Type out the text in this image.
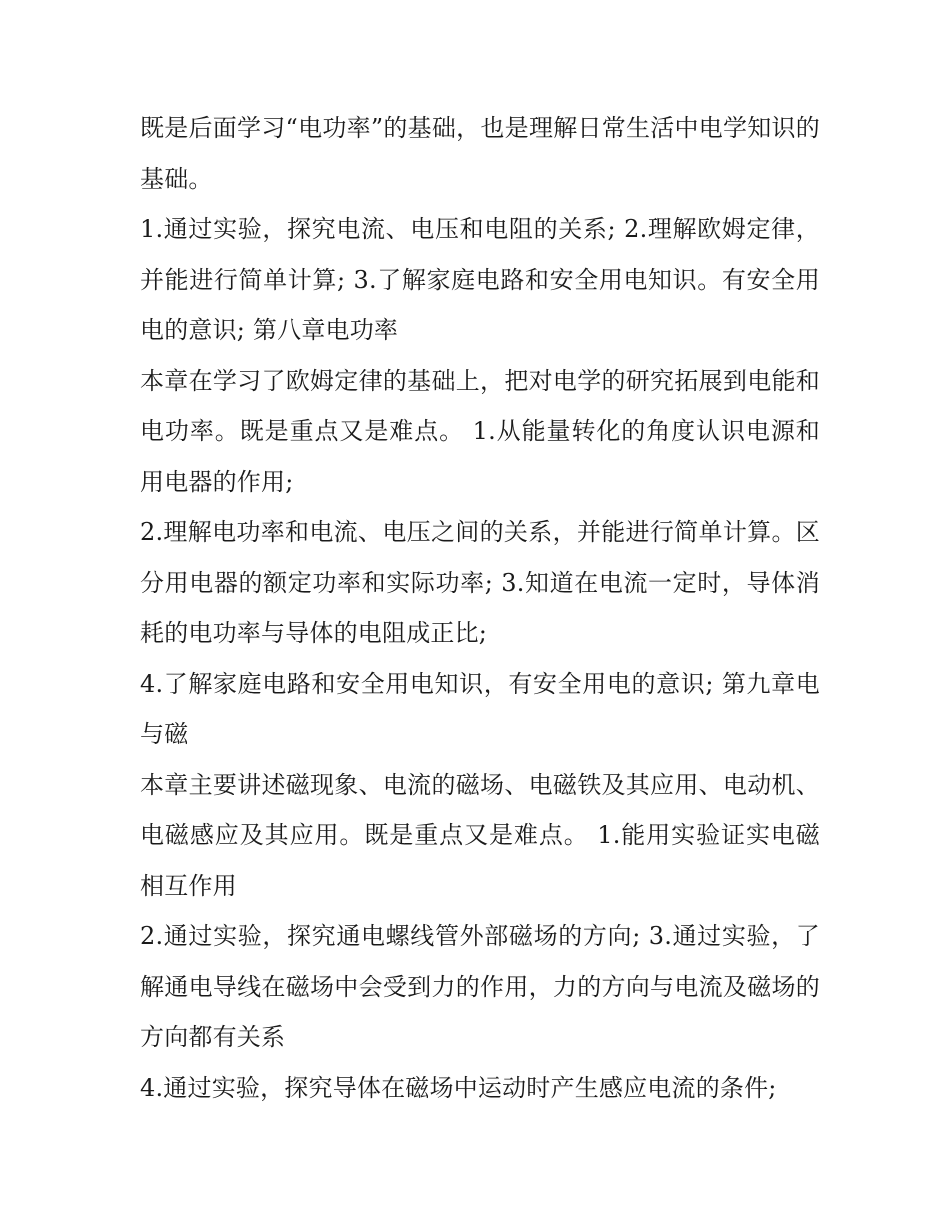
既是后面学习“电功率”的基础，也是理解日常生活中电学知识的基础。

1.通过实验，探究电流、电压和电阻的关系; 2.理解欧姆定律，并能进行简单计算; 3.了解家庭电路和安全用电知识。有安全用电的意识; 第八章电功率

本章在学习了欧姆定律的基础上，把对电学的研究拓展到电能和电功率。既是重点又是难点。 1.从能量转化的角度认识电源和用电器的作用;

2.理解电功率和电流、电压之间的关系，并能进行简单计算。区分用电器的额定功率和实际功率; 3.知道在电流一定时，导体消耗的电功率与导体的电阻成正比;

4.了解家庭电路和安全用电知识，有安全用电的意识; 第九章电与磁

本章主要讲述磁现象、电流的磁场、电磁铁及其应用、电动机、电磁感应及其应用。既是重点又是难点。 1.能用实验证实电磁相互作用

2.通过实验，探究通电螺线管外部磁场的方向; 3.通过实验，了解通电导线在磁场中会受到力的作用，力的方向与电流及磁场的方向都有关系

4.通过实验，探究导体在磁场中运动时产生感应电流的条件;
